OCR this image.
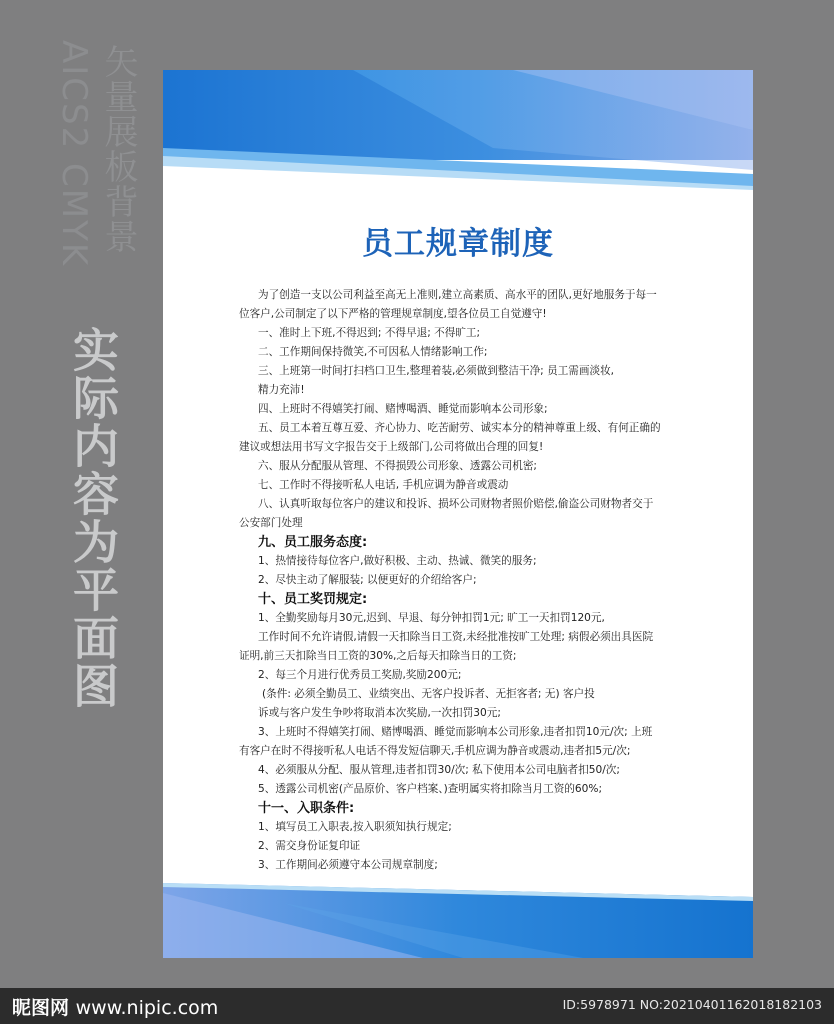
AICS2 CMYK 矢量展板背景
实际内容为平面图
员工规章制度

为了创造一支以公司利益至高无上准则,建立高素质、高水平的团队,更好地服务于每一

位客户,公司制定了以下严格的管理规章制度,望各位员工自觉遵守!

一、准时上下班,不得迟到; 不得早退; 不得旷工;

二、工作期间保持微笑,不可因私人情绪影响工作;

三、上班第一时间打扫档口卫生,整理着装,必须做到整洁干净; 员工需画淡妆,

精力充沛!

四、上班时不得嬉笑打闹、赌博喝酒、睡觉而影响本公司形象;

五、员工本着互尊互爱、齐心协力、吃苦耐劳、诚实本分的精神尊重上级、有何正确的

建议或想法用书写文字报告交于上级部门,公司将做出合理的回复!

六、服从分配服从管理、不得损毁公司形象、透露公司机密;

七、工作时不得接听私人电话, 手机应调为静音或震动

八、认真听取每位客户的建议和投诉、损坏公司财物者照价赔偿,偷盗公司财物者交于

公安部门处理

九、员工服务态度:

1、热情接待每位客户,做好积极、主动、热诚、微笑的服务;

2、尽快主动了解服装; 以便更好的介绍给客户;

十、员工奖罚规定:

1、全勤奖励每月30元,迟到、早退、每分钟扣罚1元; 旷工一天扣罚120元,

工作时间不允许请假,请假一天扣除当日工资,未经批准按旷工处理; 病假必须出具医院

证明,前三天扣除当日工资的30%,之后每天扣除当日的工资;

2、每三个月进行优秀员工奖励,奖励200元;

(条件: 必须全勤员工、业绩突出、无客户投诉者、无拒客者; 无) 客户投

诉或与客户发生争吵将取消本次奖励,一次扣罚30元;

3、上班时不得嬉笑打闹、赌博喝酒、睡觉而影响本公司形象,违者扣罚10元/次; 上班

有客户在时不得接听私人电话不得发短信聊天,手机应调为静音或震动,违者扣5元/次;

4、必须服从分配、服从管理,违者扣罚30/次; 私下使用本公司电脑者扣50/次;

5、透露公司机密(产品原价、客户档案、)查明属实将扣除当月工资的60%;

十一、入职条件:

1、填写员工入职表,按入职须知执行规定;

2、需交身份证复印证

3、工作期间必须遵守本公司规章制度;

昵图网 www.nipic.com	ID:5978971 NO:20210401162018182103
